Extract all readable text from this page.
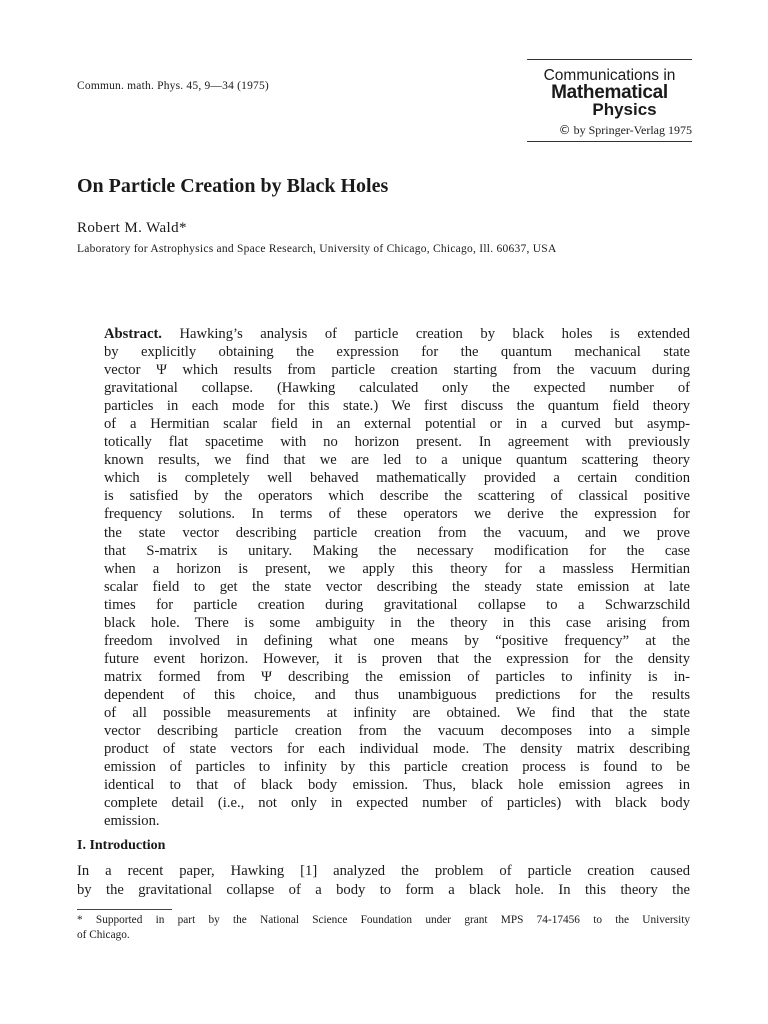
Commun. math. Phys. 45, 9—34 (1975)
Communications in
Mathematical
Physics
© by Springer-Verlag 1975
On Particle Creation by Black Holes
Robert M. Wald*
Laboratory for Astrophysics and Space Research, University of Chicago, Chicago, Ill. 60637, USA
Abstract. Hawking’s analysis of particle creation by black holes is extended
by explicitly obtaining the expression for the quantum mechanical state
vector Ψ which results from particle creation starting from the vacuum during
gravitational collapse. (Hawking calculated only the expected number of
particles in each mode for this state.) We first discuss the quantum field theory
of a Hermitian scalar field in an external potential or in a curved but asymp-
totically flat spacetime with no horizon present. In agreement with previously
known results, we find that we are led to a unique quantum scattering theory
which is completely well behaved mathematically provided a certain condition
is satisfied by the operators which describe the scattering of classical positive
frequency solutions. In terms of these operators we derive the expression for
the state vector describing particle creation from the vacuum, and we prove
that S-matrix is unitary. Making the necessary modification for the case
when a horizon is present, we apply this theory for a massless Hermitian
scalar field to get the state vector describing the steady state emission at late
times for particle creation during gravitational collapse to a Schwarzschild
black hole. There is some ambiguity in the theory in this case arising from
freedom involved in defining what one means by “positive frequency” at the
future event horizon. However, it is proven that the expression for the density
matrix formed from Ψ describing the emission of particles to infinity is in-
dependent of this choice, and thus unambiguous predictions for the results
of all possible measurements at infinity are obtained. We find that the state
vector describing particle creation from the vacuum decomposes into a simple
product of state vectors for each individual mode. The density matrix describing
emission of particles to infinity by this particle creation process is found to be
identical to that of black body emission. Thus, black hole emission agrees in
complete detail (i.e., not only in expected number of particles) with black body
emission.
I. Introduction
In a recent paper, Hawking [1] analyzed the problem of particle creation caused
by the gravitational collapse of a body to form a black hole. In this theory the
* Supported in part by the National Science Foundation under grant MPS 74-17456 to the University
of Chicago.
